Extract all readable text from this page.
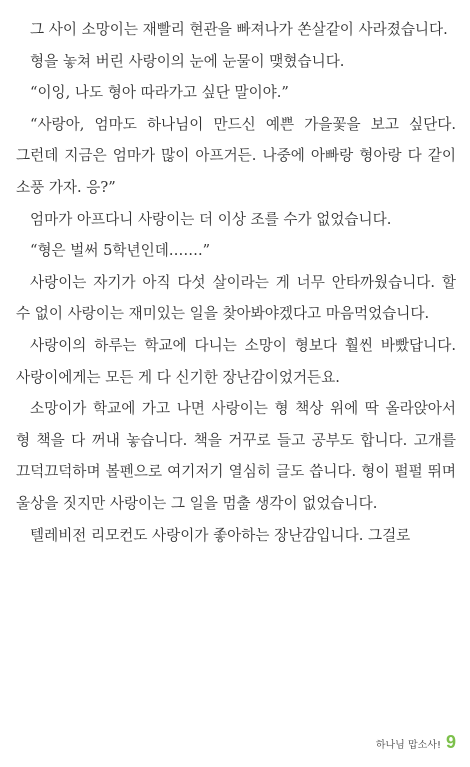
그 사이 소망이는 재빨리 현관을 빠져나가 쏜살같이 사라졌습니다.

형을 놓쳐 버린 사랑이의 눈에 눈물이 맺혔습니다.

“이잉, 나도 형아 따라가고 싶단 말이야.”

“사랑아, 엄마도 하나님이 만드신 예쁜 가을꽃을 보고 싶단다. 그런데 지금은 엄마가 많이 아프거든. 나중에 아빠랑 형아랑 다 같이 소풍 가자. 응?”

엄마가 아프다니 사랑이는 더 이상 조를 수가 없었습니다.

“형은 벌써 5학년인데…….”

사랑이는 자기가 아직 다섯 살이라는 게 너무 안타까웠습니다. 할 수 없이 사랑이는 재미있는 일을 찾아봐야겠다고 마음먹었습니다.

사랑이의 하루는 학교에 다니는 소망이 형보다 훨씬 바빴답니다. 사랑이에게는 모든 게 다 신기한 장난감이었거든요.

소망이가 학교에 가고 나면 사랑이는 형 책상 위에 딱 올라앉아서 형 책을 다 꺼내 놓습니다. 책을 거꾸로 들고 공부도 합니다. 고개를 끄덕끄덕하며 볼펜으로 여기저기 열심히 글도 씁니다. 형이 펄펄 뛰며 울상을 짓지만 사랑이는 그 일을 멈출 생각이 없었습니다.

텔레비전 리모컨도 사랑이가 좋아하는 장난감입니다. 그걸로

하나님 맙소사! 9
